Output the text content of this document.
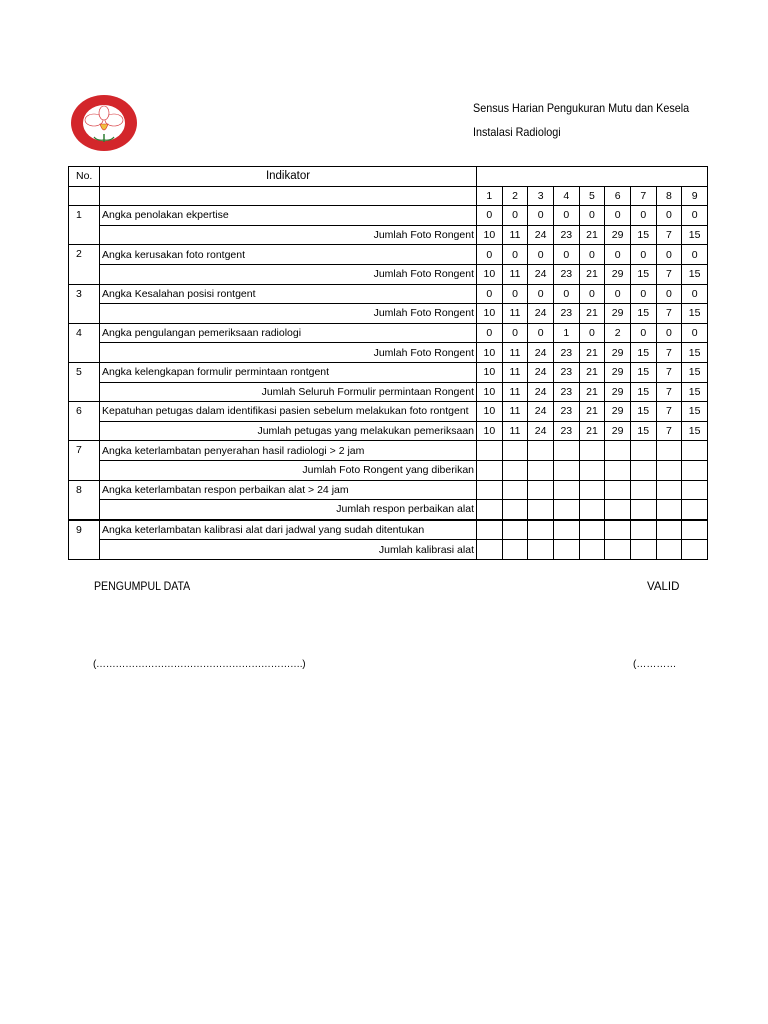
Sensus Harian Pengukuran Mutu dan Kesela
Instalasi Radiologi
No.	Indikator									
		1	2	3	4	5	6	7	8	9
1	Angka penolakan ekpertise	0	0	0	0	0	0	0	0	0
	Jumlah Foto Rongent	10	11	24	23	21	29	15	7	15
2	Angka kerusakan foto rontgent	0	0	0	0	0	0	0	0	0
	Jumlah Foto Rongent	10	11	24	23	21	29	15	7	15
3	Angka Kesalahan posisi rontgent	0	0	0	0	0	0	0	0	0
	Jumlah Foto Rongent	10	11	24	23	21	29	15	7	15
4	Angka pengulangan pemeriksaan radiologi	0	0	0	1	0	2	0	0	0
	Jumlah Foto Rongent	10	11	24	23	21	29	15	7	15
5	Angka kelengkapan formulir permintaan rontgent	10	11	24	23	21	29	15	7	15
	Jumlah Seluruh Formulir permintaan Rongent	10	11	24	23	21	29	15	7	15
6	Kepatuhan petugas dalam identifikasi pasien sebelum melakukan foto rontgent	10	11	24	23	21	29	15	7	15
	Jumlah petugas yang melakukan pemeriksaan	10	11	24	23	21	29	15	7	15
7	Angka keterlambatan penyerahan hasil radiologi > 2 jam									
	Jumlah Foto Rongent yang diberikan									
8	Angka keterlambatan respon perbaikan alat > 24 jam									
	Jumlah respon perbaikan alat									
9	Angka keterlambatan kalibrasi alat dari jadwal yang sudah ditentukan									
	Jumlah kalibrasi alat									
PENGUMPUL DATA	VALID
(……………………………………………………….)	(…………
